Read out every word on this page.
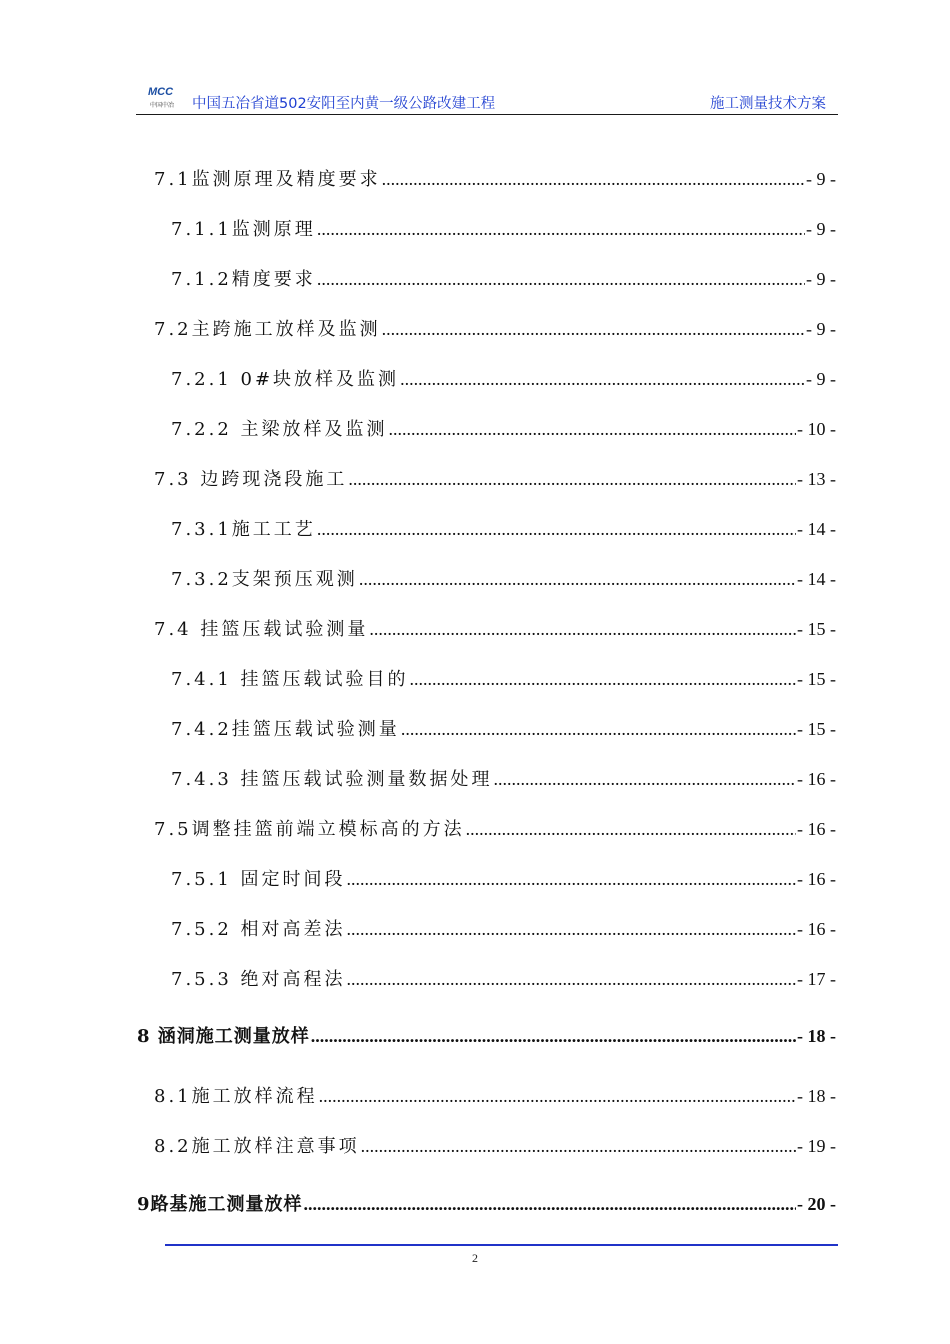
MCC
中国中冶 中国五冶省道502安阳至内黄一级公路改建工程	施工测量技术方案
7.1监测原理及精度要求 .....	- 9 -
7.1.1监测原理 .....	- 9 -
7.1.2精度要求 .....	- 9 -
7.2主跨施工放样及监测 .....	- 9 -
7.2.1 0#块放样及监测 .....	- 9 -
7.2.2 主梁放样及监测 .....	- 10 -
7.3 边跨现浇段施工 .....	- 13 -
7.3.1施工工艺 .....	- 14 -
7.3.2支架预压观测 .....	- 14 -
7.4 挂篮压载试验测量 .....	- 15 -
7.4.1 挂篮压载试验目的 .....	- 15 -
7.4.2挂篮压载试验测量 .....	- 15 -
7.4.3 挂篮压载试验测量数据处理 .....	- 16 -
7.5调整挂篮前端立模标高的方法 .....	- 16 -
7.5.1 固定时间段 .....	- 16 -
7.5.2 相对高差法 .....	- 16 -
7.5.3 绝对高程法 .....	- 17 -
8 涵洞施工测量放样 .....	- 18 -
8.1施工放样流程 .....	- 18 -
8.2施工放样注意事项 .....	- 19 -
9路基施工测量放样 .....	- 20 -
2
